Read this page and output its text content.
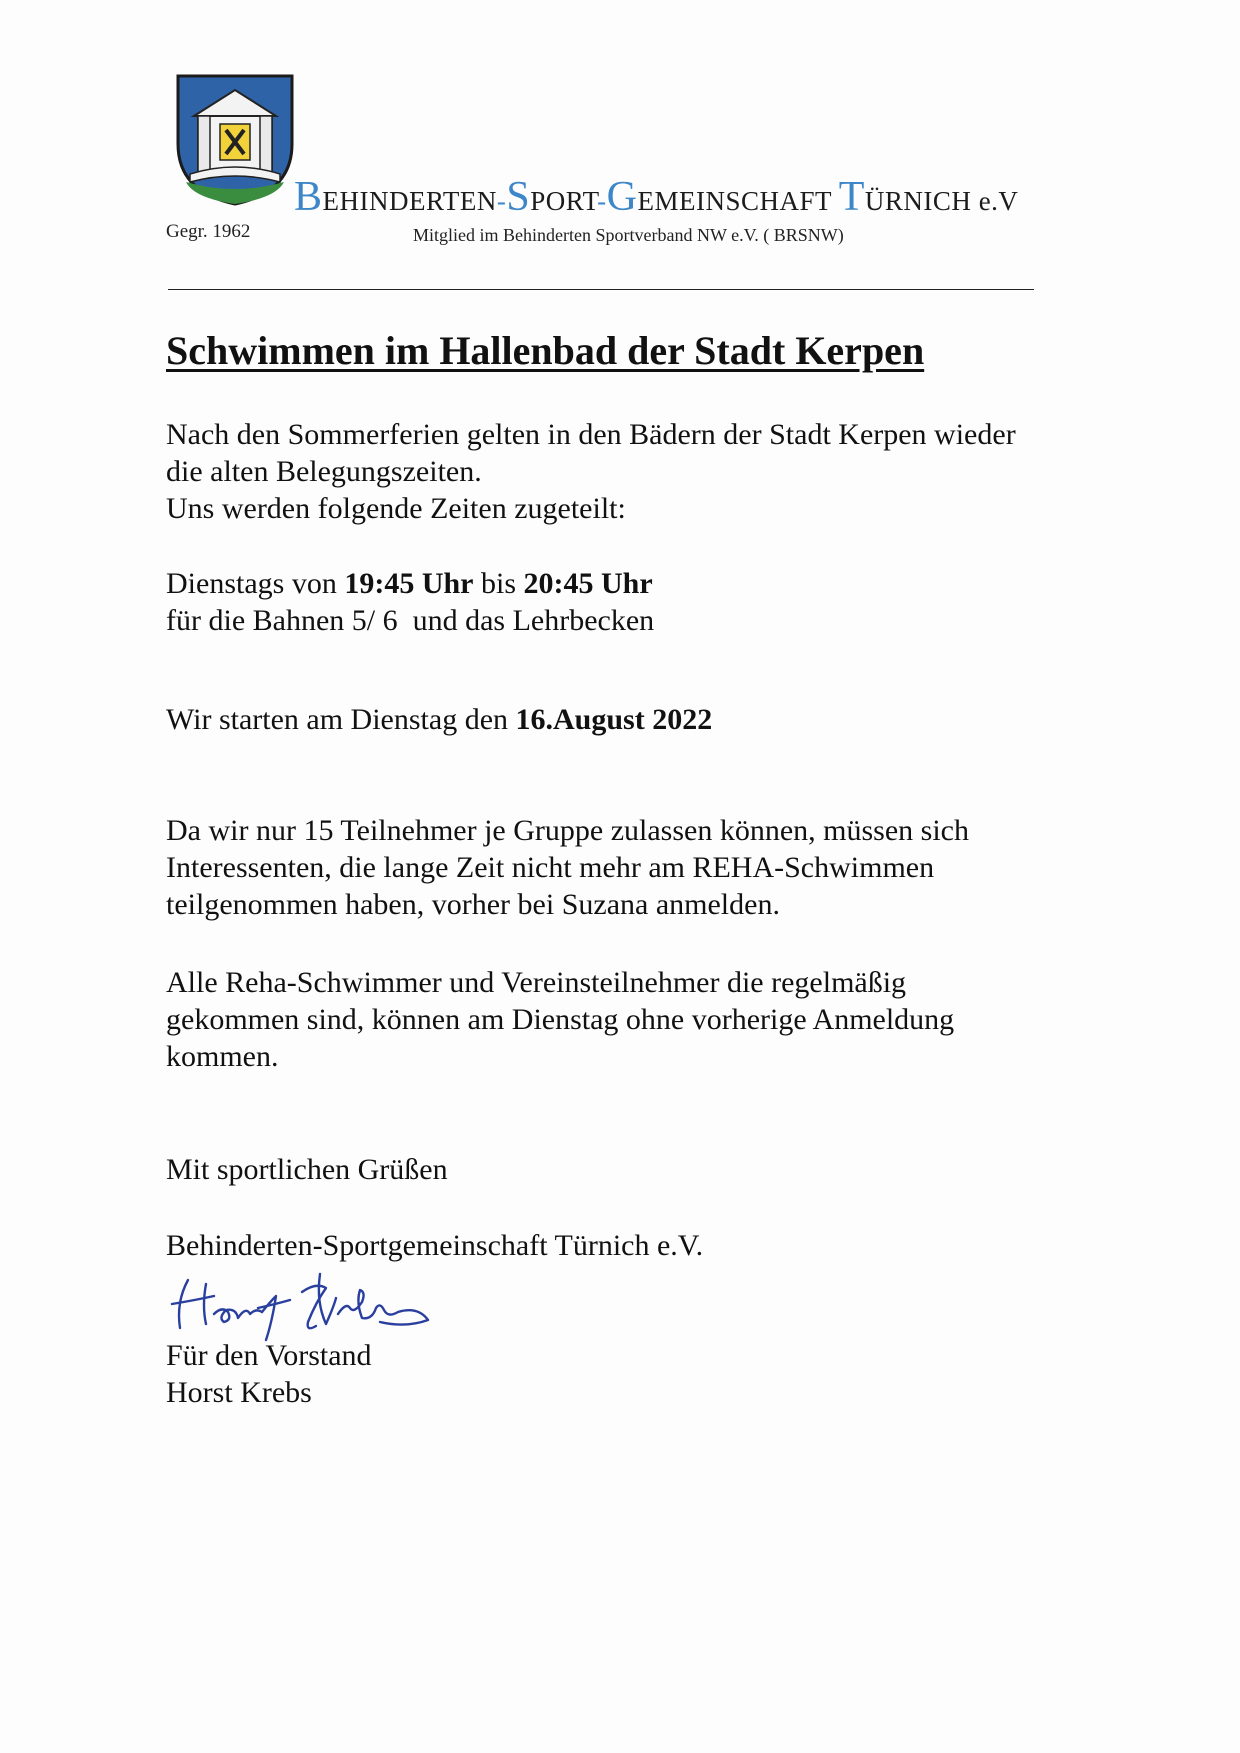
BEHINDERTEN-SPORT-GEMEINSCHAFT TÜRNICH e.V
Gegr. 1962	Mitglied im Behinderten Sportverband NW e.V. ( BRSNW)
Schwimmen im Hallenbad der Stadt Kerpen
Nach den Sommerferien gelten in den Bädern der Stadt Kerpen wieder
die alten Belegungszeiten.
Uns werden folgende Zeiten zugeteilt:
Dienstags von 19:45 Uhr bis 20:45 Uhr
für die Bahnen 5/ 6  und das Lehrbecken
Wir starten am Dienstag den 16.August 2022
Da wir nur 15 Teilnehmer je Gruppe zulassen können, müssen sich
Interessenten, die lange Zeit nicht mehr am REHA-Schwimmen
teilgenommen haben, vorher bei Suzana anmelden.
Alle Reha-Schwimmer und Vereinsteilnehmer die regelmäßig
gekommen sind, können am Dienstag ohne vorherige Anmeldung
kommen.
Mit sportlichen Grüßen
Behinderten-Sportgemeinschaft Türnich e.V.
Für den Vorstand
Horst Krebs
